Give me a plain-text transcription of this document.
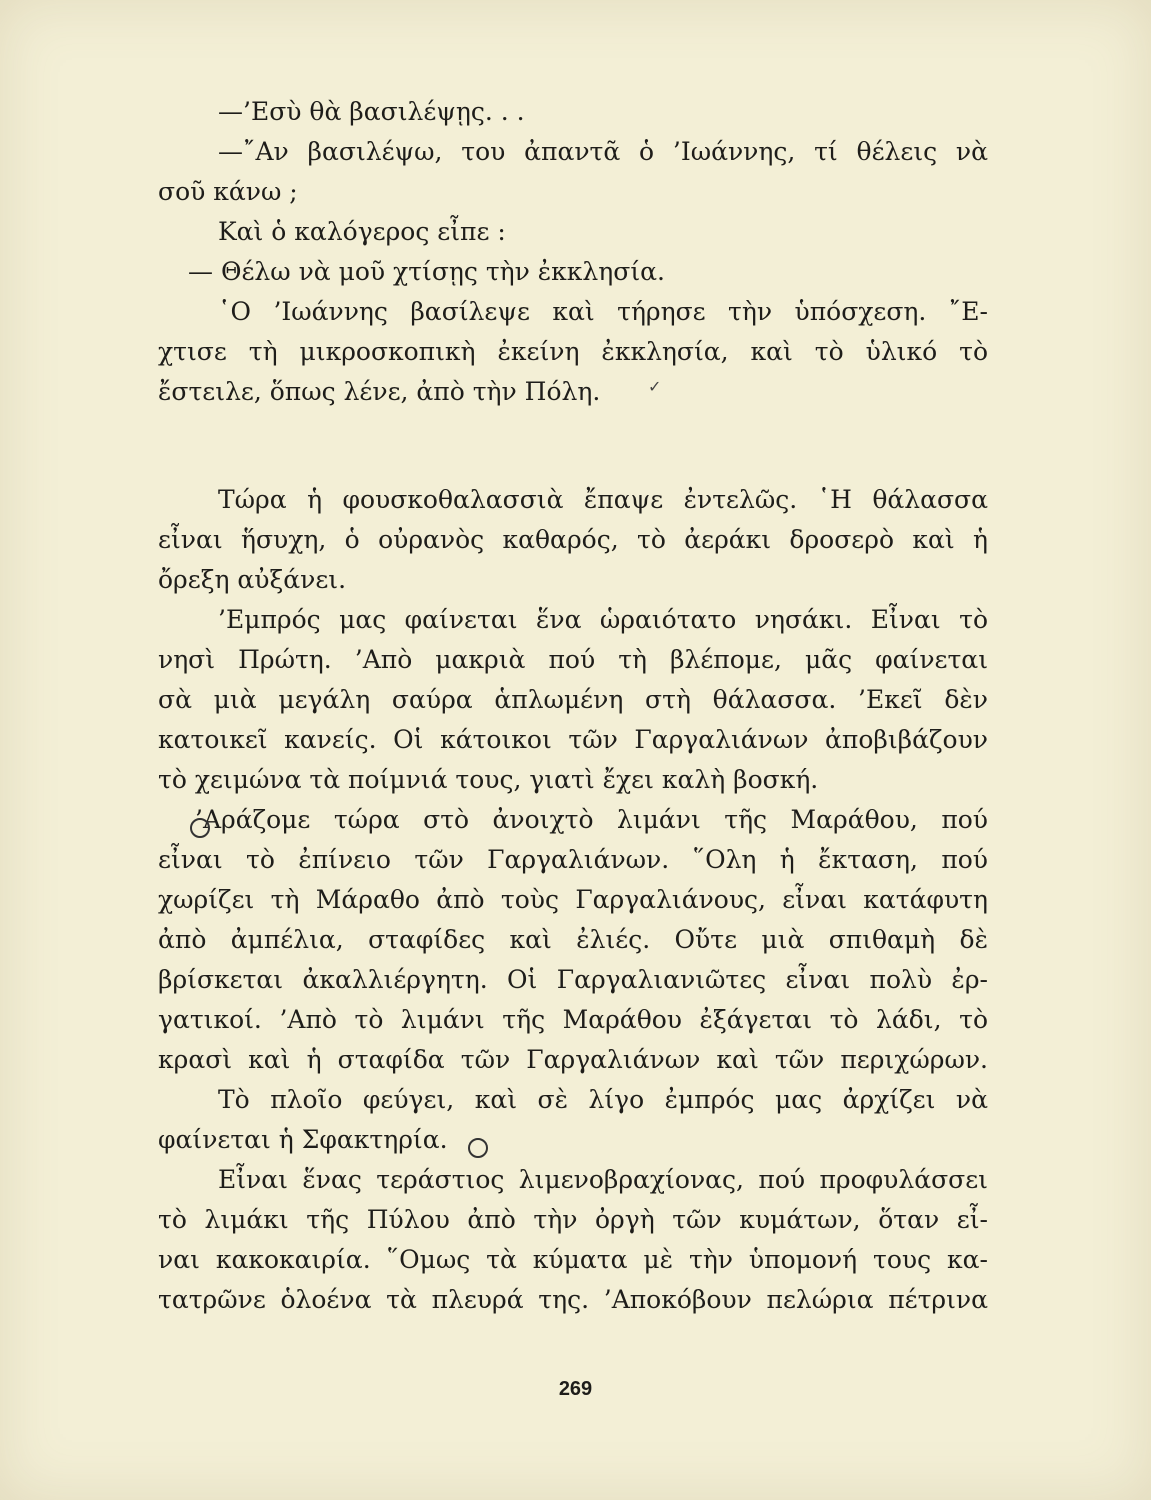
—’Εσὺ θὰ βασιλέψῃς. . .
—῎Αν βασιλέψω, του ἀπαντᾶ ὁ ’Ιωάννης, τί θέλεις νὰ
σοῦ κάνω ;
Καὶ ὁ καλόγερος εἶπε :
— Θέλω νὰ μοῦ χτίσῃς τὴν ἐκκλησία.
῾Ο ’Ιωάννης βασίλεψε καὶ τήρησε τὴν ὑπόσχεση. ῎Ε-
χτισε τὴ μικροσκοπικὴ ἐκείνη ἐκκλησία, καὶ τὸ ὑλικό τὸ
ἔστειλε, ὅπως λένε, ἀπὸ τὴν Πόλη.	✓
Τώρα ἡ φουσκοθαλασσιὰ ἔπαψε ἐντελῶς. ῾Η θάλασσα
εἶναι ἥσυχη, ὁ οὐρανὸς καθαρός, τὸ ἀεράκι δροσερὸ καὶ ἡ
ὄρεξη αὐξάνει.
’Εμπρός μας φαίνεται ἕνα ὡραιότατο νησάκι. Εἶναι τὸ
νησὶ Πρώτη. ’Απὸ μακριὰ πού τὴ βλέπομε, μᾶς φαίνεται
σὰ μιὰ μεγάλη σαύρα ἁπλωμένη στὴ θάλασσα. ’Εκεῖ δὲν
κατοικεῖ κανείς. Οἱ κάτοικοι τῶν Γαργαλιάνων ἀποβιβάζουν
τὸ χειμώνα τὰ ποίμνιά τους, γιατὶ ἔχει καλὴ βοσκή.
’Αράζομε τώρα στὸ ἀνοιχτὸ λιμάνι τῆς Μαράθου, πού
εἶναι τὸ ἐπίνειο τῶν Γαργαλιάνων. ῞Ολη ἡ ἔκταση, πού
χωρίζει τὴ Μάραθο ἀπὸ τοὺς Γαργαλιάνους, εἶναι κατάφυτη
ἀπὸ ἀμπέλια, σταφίδες καὶ ἐλιές. Οὔτε μιὰ σπιθαμὴ δὲ
βρίσκεται ἀκαλλιέργητη. Οἱ Γαργαλιανιῶτες εἶναι πολὺ ἐρ-
γατικοί. ’Απὸ τὸ λιμάνι τῆς Μαράθου ἐξάγεται τὸ λάδι, τὸ
κρασὶ καὶ ἡ σταφίδα τῶν Γαργαλιάνων καὶ τῶν περιχώρων.
Τὸ πλοῖο φεύγει, καὶ σὲ λίγο ἐμπρός μας ἀρχίζει νὰ
φαίνεται ἡ Σφακτηρία.
Εἶναι ἕνας τεράστιος λιμενοβραχίονας, πού προφυλάσσει
τὸ λιμάκι τῆς Πύλου ἀπὸ τὴν ὀργὴ τῶν κυμάτων, ὅταν εἶ-
ναι κακοκαιρία. ῞Ομως τὰ κύματα μὲ τὴν ὑπομονή τους κα-
τατρῶνε ὁλοένα τὰ πλευρά της. ’Αποκόβουν πελώρια πέτρινα
269
